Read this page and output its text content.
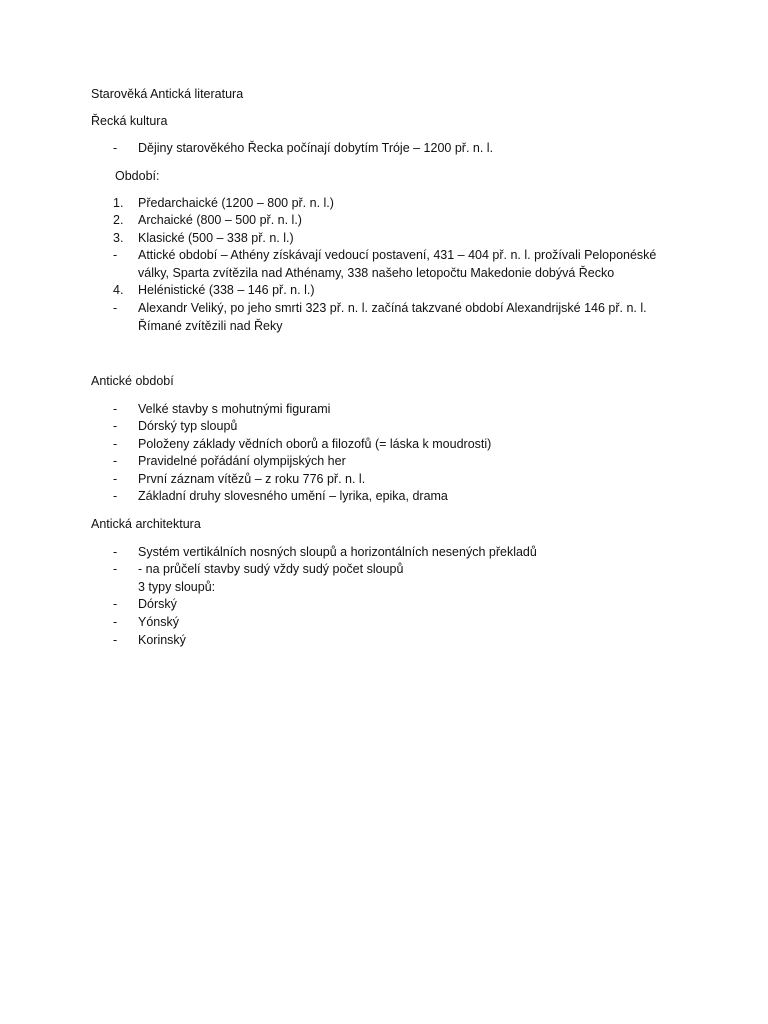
Starověká Antická literatura
Řecká kultura
- Dějiny starověkého Řecka počínají dobytím Tróje – 1200 př. n. l.
Období:
1. Předarchaické (1200 – 800 př. n. l.)
2. Archaické (800 – 500 př. n. l.)
3. Klasické (500 – 338 př. n. l.)
- Attické období – Athény získávají vedoucí postavení, 431 – 404 př. n. l. prožívali Peloponéské
války, Sparta zvítězila nad Athénamy, 338 našeho letopočtu Makedonie dobývá Řecko
4. Helénistické (338 – 146 př. n. l.)
- Alexandr Veliký, po jeho smrti 323 př. n. l. začíná takzvané období Alexandrijské 146 př. n. l.
Římané zvítězili nad Řeky
Antické období
- Velké stavby s mohutnými figurami
- Dórský typ sloupů
- Položeny základy vědních oborů a filozofů (= láska k moudrosti)
- Pravidelné pořádání olympijských her
- První záznam vítězů – z roku 776 př. n. l.
- Základní druhy slovesného umění – lyrika, epika, drama
Antická architektura
- Systém vertikálních nosných sloupů a horizontálních nesených překladů
- - na průčelí stavby sudý vždy sudý počet sloupů
3 typy sloupů:
- Dórský
- Yónský
- Korinský
